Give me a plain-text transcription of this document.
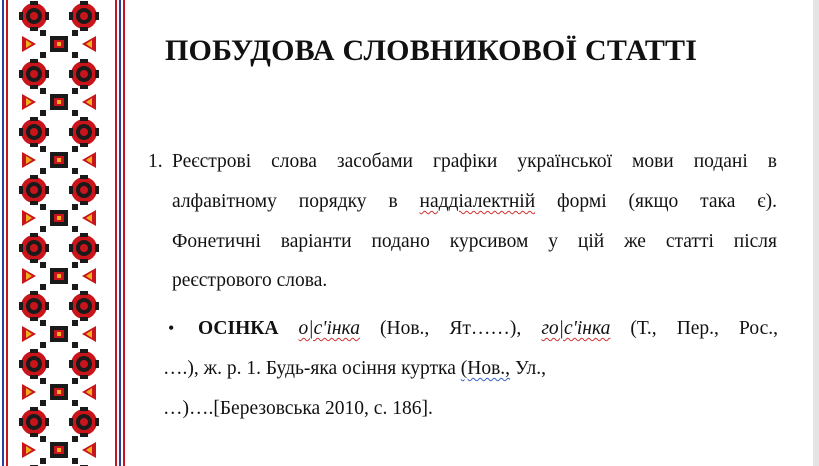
ПОБУДОВА СЛОВНИКОВОЇ СТАТТІ
1. Реєстрові слова засобами графіки української мови подані в
алфавітному порядку в наддіалектній формі (якщо така є).
Фонетичні варіанти подано курсивом у цій же статті після
реєстрового слова.
• ОСІНКА о|с'інка (Нов., Ят……), го|с'інка (Т., Пер., Рос.,
….), ж. р. 1. Будь-яка осіння куртка (Нов., Ул.,
…)….[Березовська 2010, с. 186].
